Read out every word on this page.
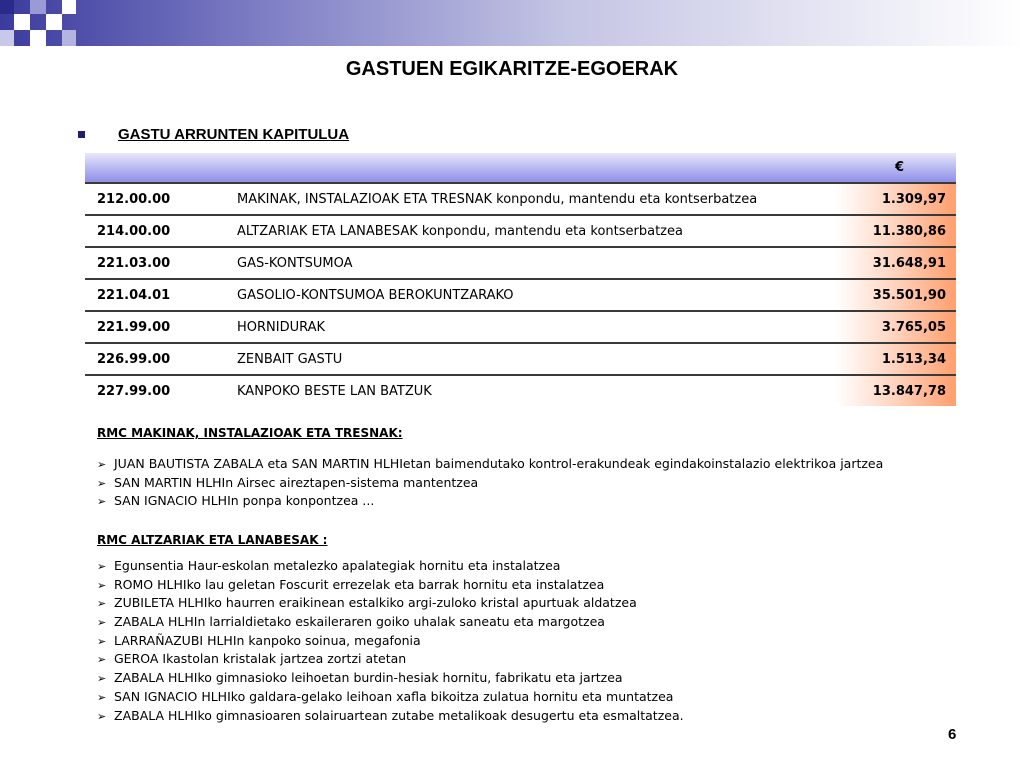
GASTUEN EGIKARITZE-EGOERAK
GASTU ARRUNTEN KAPITULUA
€		
212.00.00	MAKINAK, INSTALAZIOAK ETA TRESNAK konpondu, mantendu eta kontserbatzea	1.309,97
214.00.00	ALTZARIAK ETA LANABESAK konpondu, mantendu eta kontserbatzea	11.380,86
221.03.00	GAS-KONTSUMOA	31.648,91
221.04.01	GASOLIO-KONTSUMOA BEROKUNTZARAKO	35.501,90
221.99.00	HORNIDURAK	3.765,05
226.99.00	ZENBAIT GASTU	1.513,34
227.99.00	KANPOKO BESTE LAN BATZUK	13.847,78
RMC MAKINAK, INSTALAZIOAK ETA TRESNAK:
➢ JUAN BAUTISTA ZABALA eta SAN MARTIN HLHIetan baimendutako kontrol-erakundeak egindakoinstalazio elektrikoa jartzea
➢ SAN MARTIN HLHIn Airsec aireztapen-sistema mantentzea
➢ SAN IGNACIO HLHIn ponpa konpontzea ...
RMC ALTZARIAK ETA LANABESAK :
➢ Egunsentia Haur-eskolan metalezko apalategiak hornitu eta instalatzea
➢ ROMO HLHIko lau geletan Foscurit errezelak eta barrak hornitu eta instalatzea
➢ ZUBILETA HLHIko haurren eraikinean estalkiko argi-zuloko kristal apurtuak aldatzea
➢ ZABALA HLHIn larrialdietako eskaileraren goiko uhalak saneatu eta margotzea
➢ LARRAÑAZUBI HLHIn kanpoko soinua, megafonia
➢ GEROA Ikastolan kristalak jartzea zortzi atetan
➢ ZABALA HLHIko gimnasioko leihoetan burdin-hesiak hornitu, fabrikatu eta jartzea
➢ SAN IGNACIO HLHIko galdara-gelako leihoan xafla bikoitza zulatua hornitu eta muntatzea
➢ ZABALA HLHIko gimnasioaren solairuartean zutabe metalikoak desugertu eta esmaltatzea.
6
